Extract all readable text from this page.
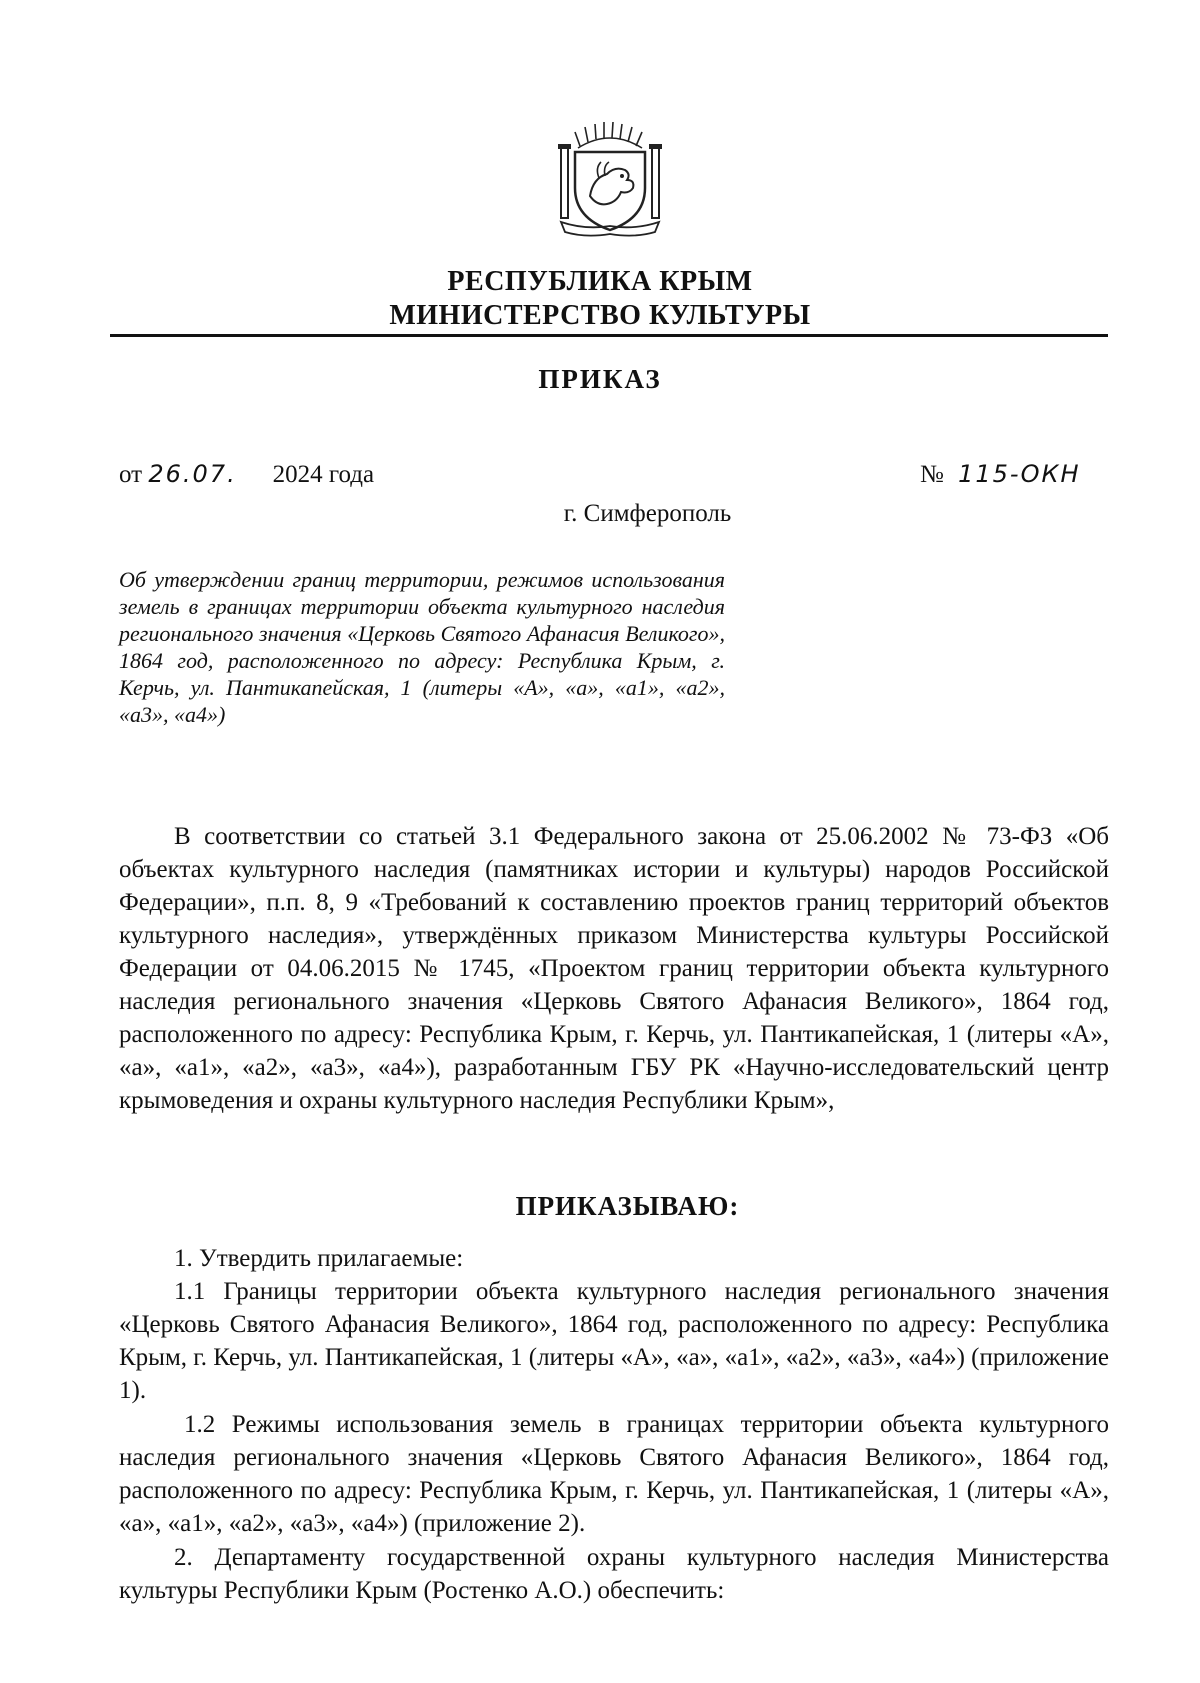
РЕСПУБЛИКА КРЫМ
МИНИСТЕРСТВО КУЛЬТУРЫ
ПРИКАЗ
от 26.07. 2024 года	№ 115-ОКН
г. Симферополь
Об утверждении границ территории, режимов использования земель в границах территории объекта культурного наследия регионального значения «Церковь Святого Афанасия Великого», 1864 год, расположенного по адресу: Республика Крым, г. Керчь, ул. Пантикапейская, 1 (литеры «А», «а», «а1», «а2», «а3», «а4»)
В соответствии со статьей 3.1 Федерального закона от 25.06.2002 № 73-ФЗ «Об объектах культурного наследия (памятниках истории и культуры) народов Российской Федерации», п.п. 8, 9 «Требований к составлению проектов границ территорий объектов культурного наследия», утверждённых приказом Министерства культуры Российской Федерации от 04.06.2015 № 1745, «Проектом границ территории объекта культурного наследия регионального значения «Церковь Святого Афанасия Великого», 1864 год, расположенного по адресу: Республика Крым, г. Керчь, ул. Пантикапейская, 1 (литеры «А», «а», «а1», «а2», «а3», «а4»), разработанным ГБУ РК «Научно-исследовательский центр крымоведения и охраны культурного наследия Республики Крым»,
ПРИКАЗЫВАЮ:
1. Утвердить прилагаемые:
1.1 Границы территории объекта культурного наследия регионального значения «Церковь Святого Афанасия Великого», 1864 год, расположенного по адресу: Республика Крым, г. Керчь, ул. Пантикапейская, 1 (литеры «А», «а», «а1», «а2», «а3», «а4») (приложение 1).
1.2 Режимы использования земель в границах территории объекта культурного наследия регионального значения «Церковь Святого Афанасия Великого», 1864 год, расположенного по адресу: Республика Крым, г. Керчь, ул. Пантикапейская, 1 (литеры «А», «а», «а1», «а2», «а3», «а4») (приложение 2).
2. Департаменту государственной охраны культурного наследия Министерства культуры Республики Крым (Ростенко А.О.) обеспечить:
